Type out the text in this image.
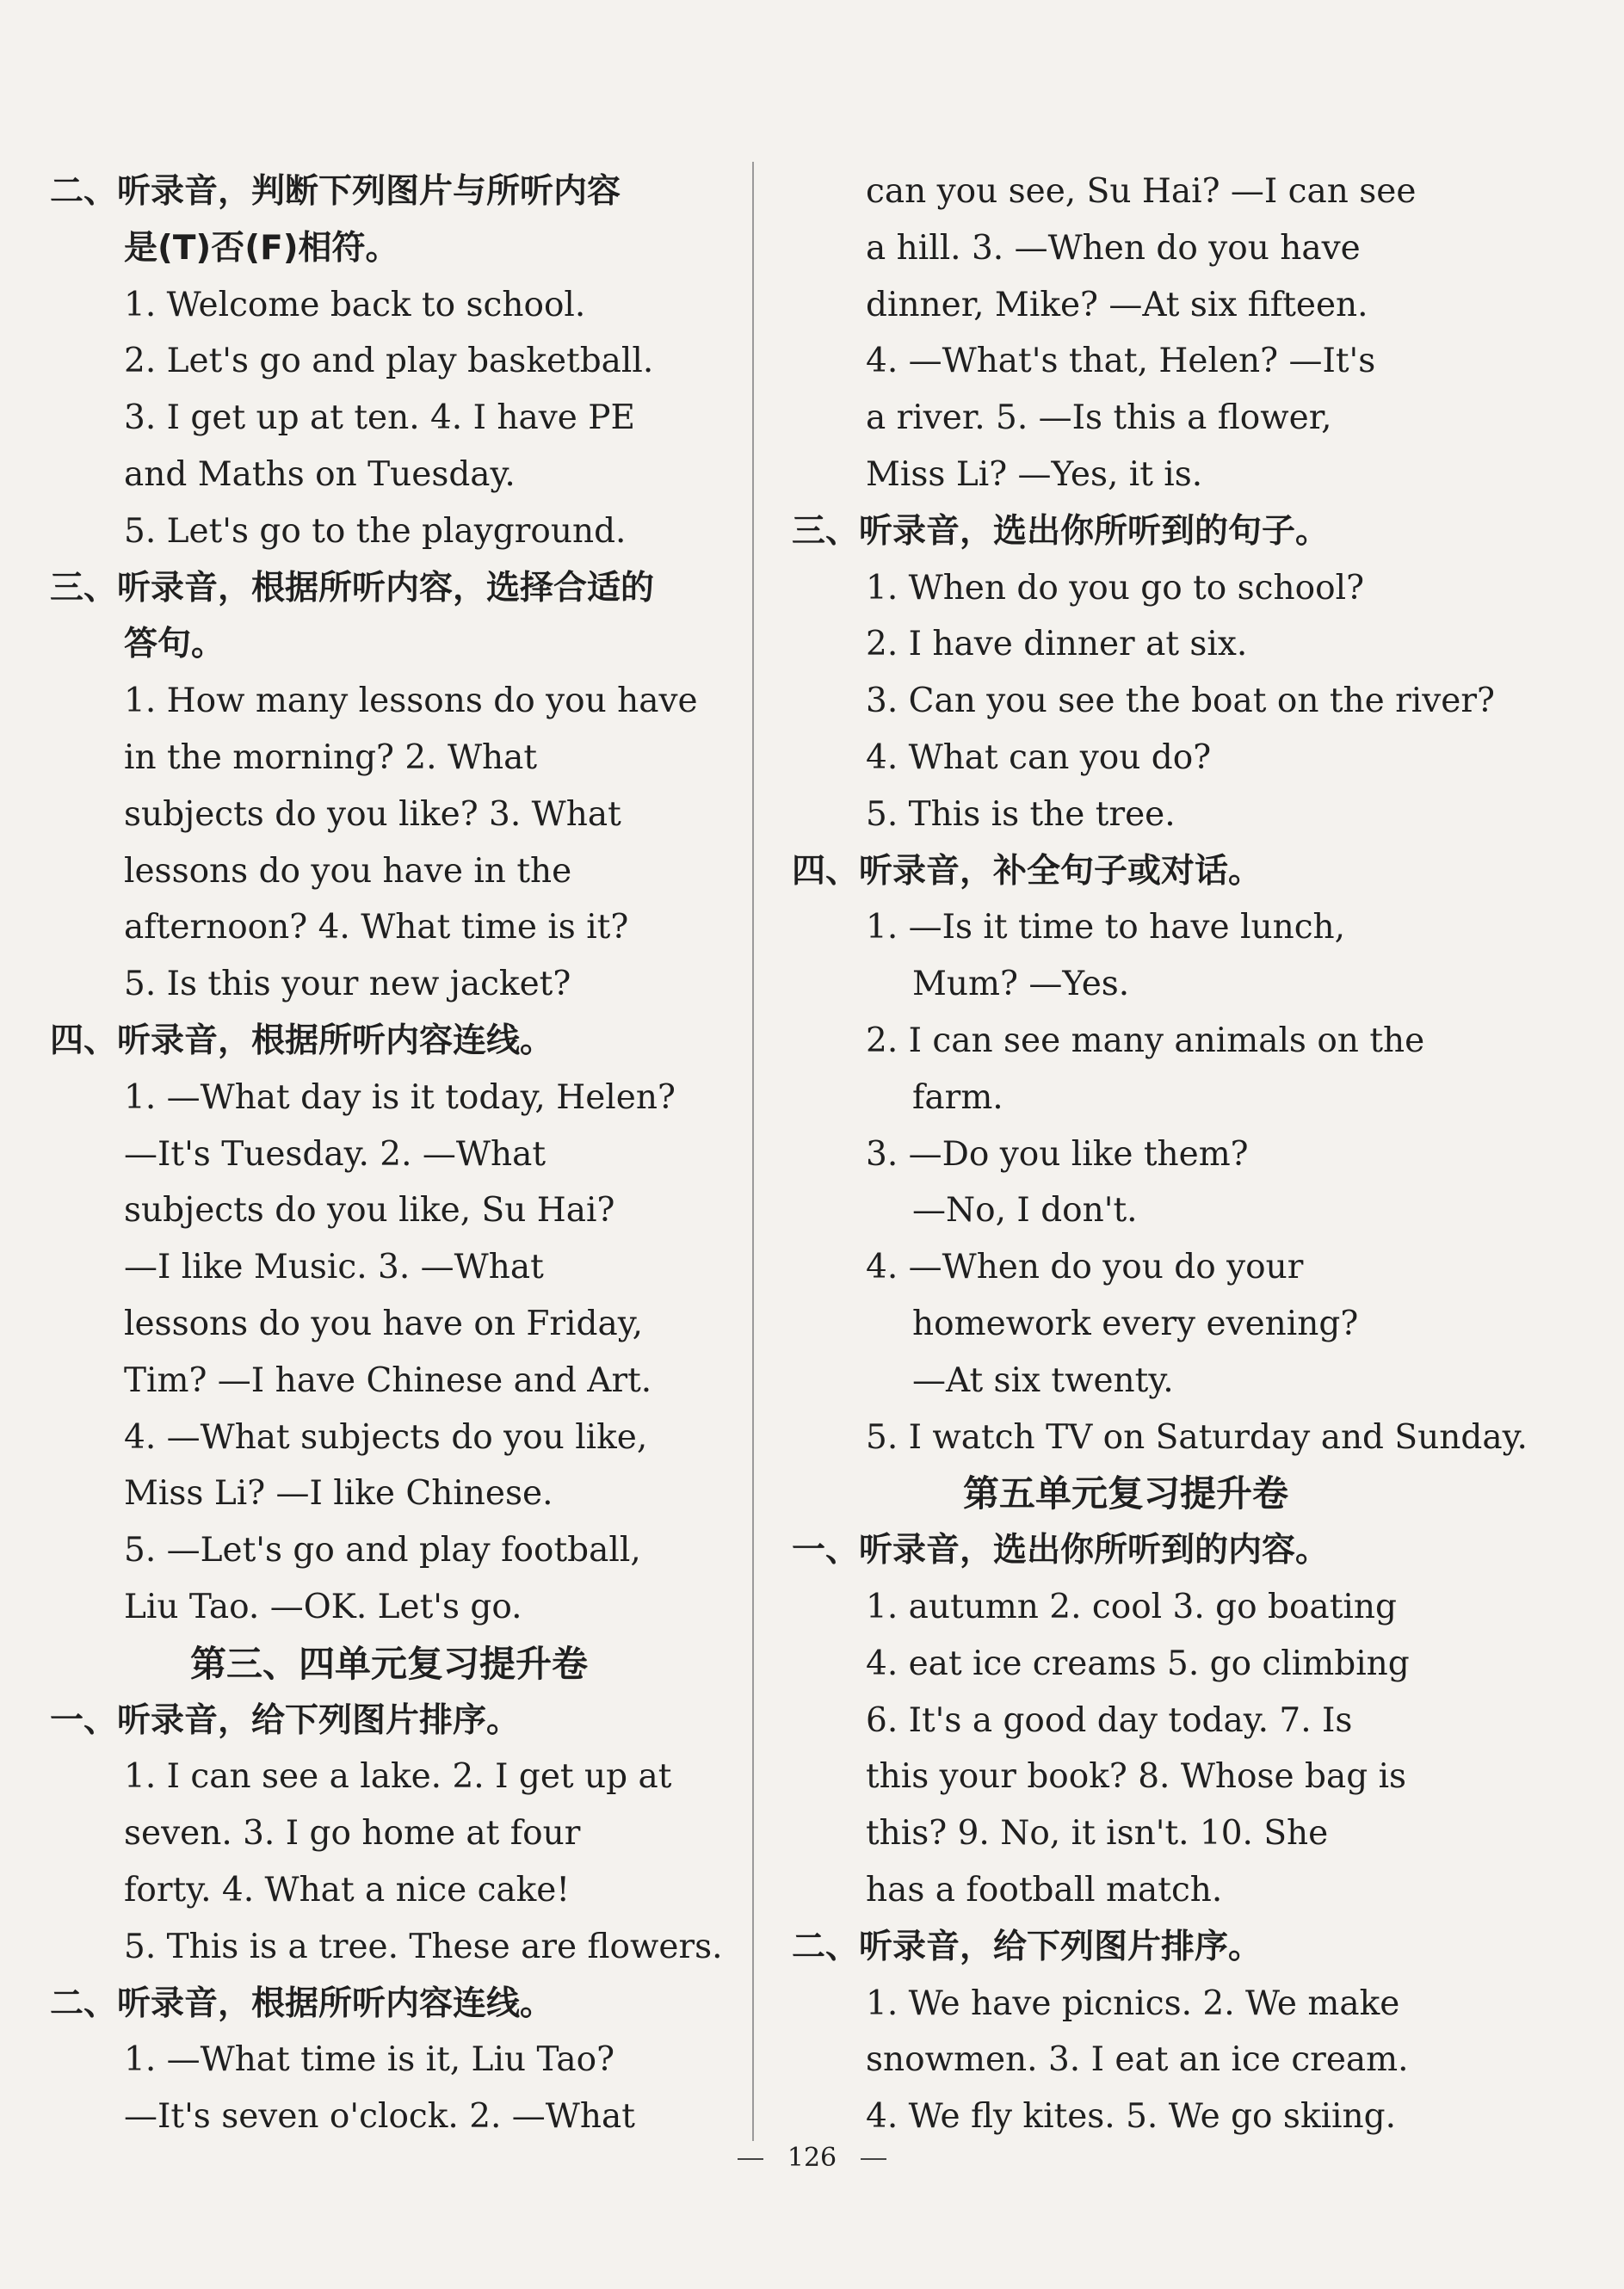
二、听录音，判断下列图片与所听内容
是(T)否(F)相符。
1. Welcome back to school.
2. Let's go and play basketball.
3. I get up at ten. 4. I have PE
and Maths on Tuesday.
5. Let's go to the playground.
三、听录音，根据所听内容，选择合适的
答句。
1. How many lessons do you have
in the morning? 2. What
subjects do you like? 3. What
lessons do you have in the
afternoon? 4. What time is it?
5. Is this your new jacket?
四、听录音，根据所听内容连线。
1. —What day is it today, Helen?
—It's Tuesday. 2. —What
subjects do you like, Su Hai?
—I like Music. 3. —What
lessons do you have on Friday,
Tim? —I have Chinese and Art.
4. —What subjects do you like,
Miss Li? —I like Chinese.
5. —Let's go and play football,
Liu Tao. —OK. Let's go.
第三、四单元复习提升卷
一、听录音，给下列图片排序。
1. I can see a lake. 2. I get up at
seven. 3. I go home at four
forty. 4. What a nice cake!
5. This is a tree. These are flowers.
二、听录音，根据所听内容连线。
1. —What time is it, Liu Tao?
—It's seven o'clock. 2. —What
can you see, Su Hai? —I can see
a hill. 3. —When do you have
dinner, Mike? —At six fifteen.
4. —What's that, Helen? —It's
a river. 5. —Is this a flower,
Miss Li? —Yes, it is.
三、听录音，选出你所听到的句子。
1. When do you go to school?
2. I have dinner at six.
3. Can you see the boat on the river?
4. What can you do?
5. This is the tree.
四、听录音，补全句子或对话。
1. —Is it time to have lunch,
Mum? —Yes.
2. I can see many animals on the
farm.
3. —Do you like them?
—No, I don't.
4. —When do you do your
homework every evening?
—At six twenty.
5. I watch TV on Saturday and Sunday.
第五单元复习提升卷
一、听录音，选出你所听到的内容。
1. autumn 2. cool 3. go boating
4. eat ice creams 5. go climbing
6. It's a good day today. 7. Is
this your book? 8. Whose bag is
this? 9. No, it isn't. 10. She
has a football match.
二、听录音，给下列图片排序。
1. We have picnics. 2. We make
snowmen. 3. I eat an ice cream.
4. We fly kites. 5. We go skiing.
126
